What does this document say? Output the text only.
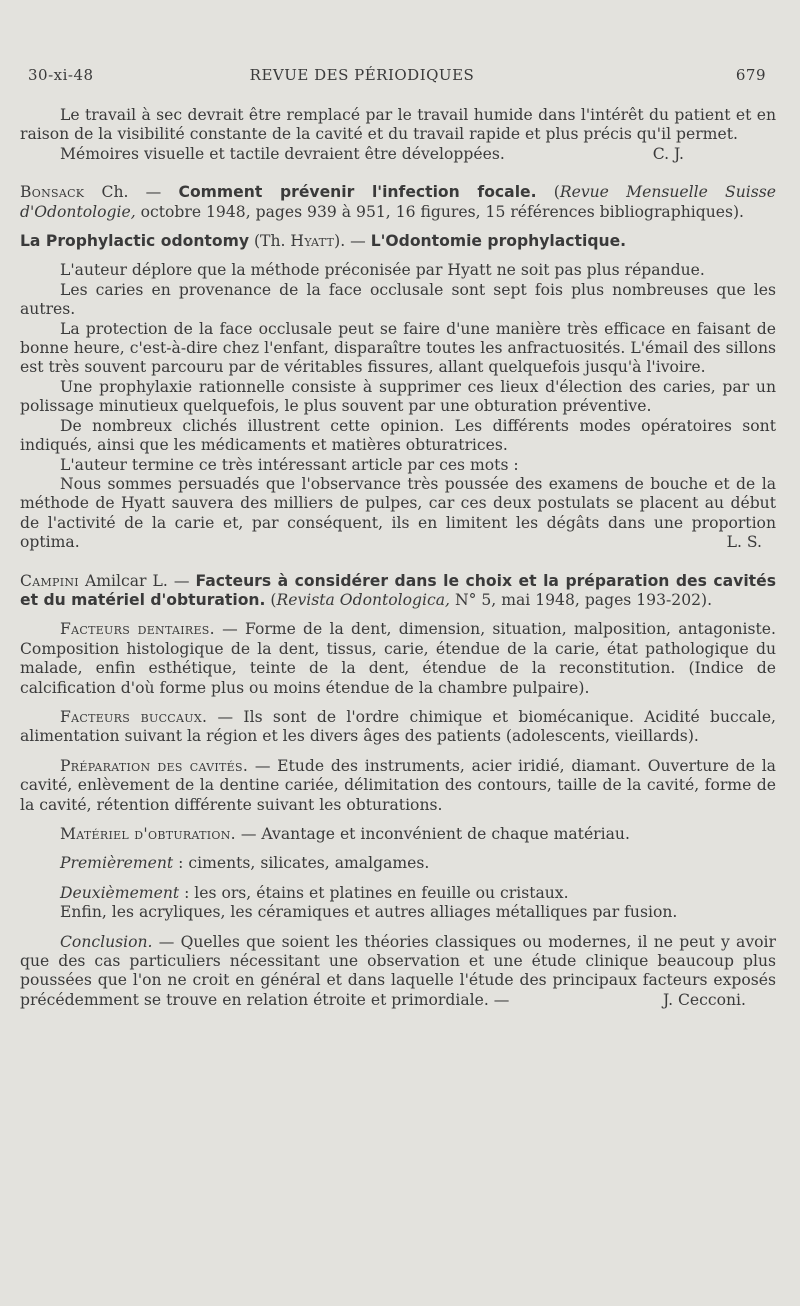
30-xi-48	REVUE DES PÉRIODIQUES	679

Le travail à sec devrait être remplacé par le travail humide dans l'intérêt du patient et en raison de la visibilité constante de la cavité et du travail rapide et plus précis qu'il permet.

Mémoires visuelle et tactile devraient être développées.	C. J.

Bonsack Ch. — Comment prévenir l'infection focale. (Revue Mensuelle Suisse d'Odontologie, octobre 1948, pages 939 à 951, 16 figures, 15 références bibliographiques).

La Prophylactic odontomy (Th. Hyatt). — L'Odontomie prophylactique.

L'auteur déplore que la méthode préconisée par Hyatt ne soit pas plus répandue.

Les caries en provenance de la face occlusale sont sept fois plus nombreuses que les autres.

La protection de la face occlusale peut se faire d'une manière très efficace en faisant de bonne heure, c'est-à-dire chez l'enfant, disparaître toutes les anfractuosités. L'émail des sillons est très souvent parcouru par de véritables fissures, allant quelquefois jusqu'à l'ivoire.

Une prophylaxie rationnelle consiste à supprimer ces lieux d'élection des caries, par un polissage minutieux quelquefois, le plus souvent par une obturation préventive.

De nombreux clichés illustrent cette opinion. Les différents modes opératoires sont indiqués, ainsi que les médicaments et matières obturatrices.

L'auteur termine ce très intéressant article par ces mots :

Nous sommes persuadés que l'observance très poussée des examens de bouche et de la méthode de Hyatt sauvera des milliers de pulpes, car ces deux postulats se placent au début de l'activité de la carie et, par conséquent, ils en limitent les dégâts dans une proportion optima.	L. S.

Campini Amilcar L. — Facteurs à considérer dans le choix et la préparation des cavités et du matériel d'obturation. (Revista Odontologica, N° 5, mai 1948, pages 193-202).

Facteurs dentaires. — Forme de la dent, dimension, situation, malposition, antagoniste. Composition histologique de la dent, tissus, carie, étendue de la carie, état pathologique du malade, enfin esthétique, teinte de la dent, étendue de la reconstitution. (Indice de calcification d'où forme plus ou moins étendue de la chambre pulpaire).

Facteurs buccaux. — Ils sont de l'ordre chimique et biomécanique. Acidité buccale, alimentation suivant la région et les divers âges des patients (adolescents, vieillards).

Préparation des cavités. — Etude des instruments, acier iridié, diamant. Ouverture de la cavité, enlèvement de la dentine cariée, délimitation des contours, taille de la cavité, forme de la cavité, rétention différente suivant les obturations.

Matériel d'obturation. — Avantage et inconvénient de chaque matériau.

Premièrement : ciments, silicates, amalgames.

Deuxièmement : les ors, étains et platines en feuille ou cristaux.

Enfin, les acryliques, les céramiques et autres alliages métalliques par fusion.

Conclusion. — Quelles que soient les théories classiques ou modernes, il ne peut y avoir que des cas particuliers nécessitant une observation et une étude clinique beaucoup plus poussées que l'on ne croit en général et dans laquelle l'étude des principaux facteurs exposés précédemment se trouve en relation étroite et primordiale. —	J. Cecconi.
